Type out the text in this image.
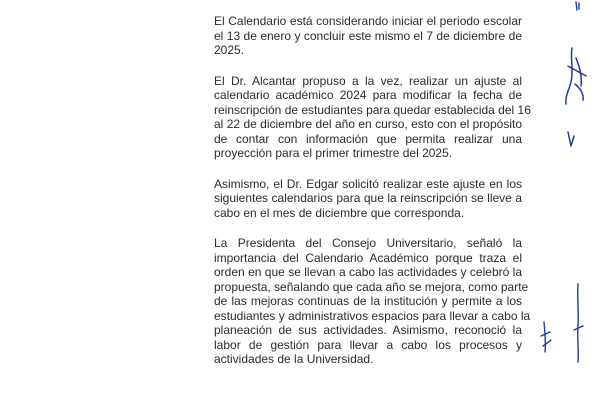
El Calendario está considerando iniciar el periodo escolar
el 13 de enero y concluir este mismo el 7 de diciembre de
2025.

El Dr. Alcantar propuso a la vez, realizar un ajuste al
calendario académico 2024 para modificar la fecha de
reinscripción de estudiantes para quedar establecida del 16
al 22 de diciembre del año en curso, esto con el propósito
de contar con información que permita realizar una
proyección para el primer trimestre del 2025.

Asimismo, el Dr. Edgar solicitó realizar este ajuste en los
siguientes calendarios para que la reinscripción se lleve a
cabo en el mes de diciembre que corresponda.

La Presidenta del Consejo Universitario, señaló la
importancia del Calendario Académico porque traza el
orden en que se llevan a cabo las actividades y celebró la
propuesta, señalando que cada año se mejora, como parte
de las mejoras continuas de la institución y permite a los
estudiantes y administrativos espacios para llevar a cabo la
planeación de sus actividades. Asimismo, reconoció la
labor de gestión para llevar a cabo los procesos y
actividades de la Universidad.
